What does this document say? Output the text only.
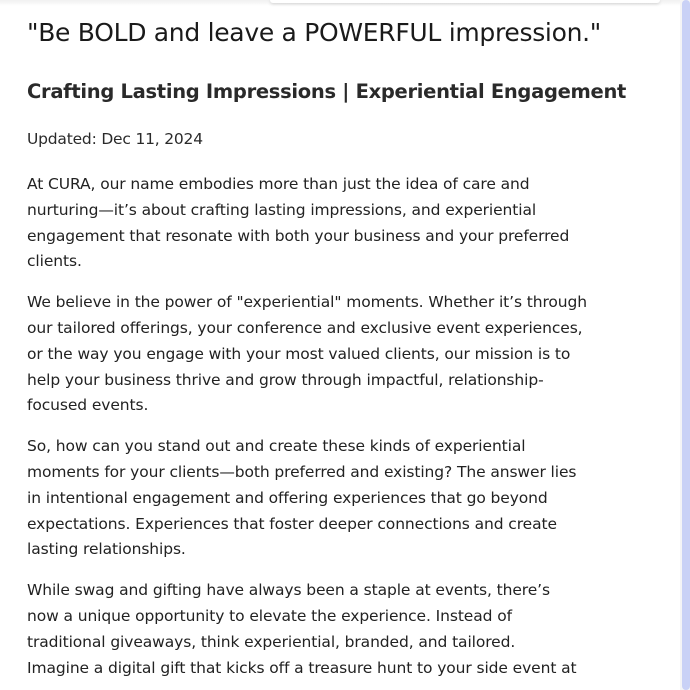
"Be BOLD and leave a POWERFUL impression."
Crafting Lasting Impressions | Experiential Engagement
Updated: Dec 11, 2024

At CURA, our name embodies more than just the idea of care and
nurturing—it’s about crafting lasting impressions, and experiential
engagement that resonate with both your business and your preferred
clients.

We believe in the power of "experiential" moments. Whether it’s through
our tailored offerings, your conference and exclusive event experiences,
or the way you engage with your most valued clients, our mission is to
help your business thrive and grow through impactful, relationship-
focused events.

So, how can you stand out and create these kinds of experiential
moments for your clients—both preferred and existing? The answer lies
in intentional engagement and offering experiences that go beyond
expectations. Experiences that foster deeper connections and create
lasting relationships.

While swag and gifting have always been a staple at events, there’s
now a unique opportunity to elevate the experience. Instead of
traditional giveaways, think experiential, branded, and tailored.
Imagine a digital gift that kicks off a treasure hunt to your side event at
